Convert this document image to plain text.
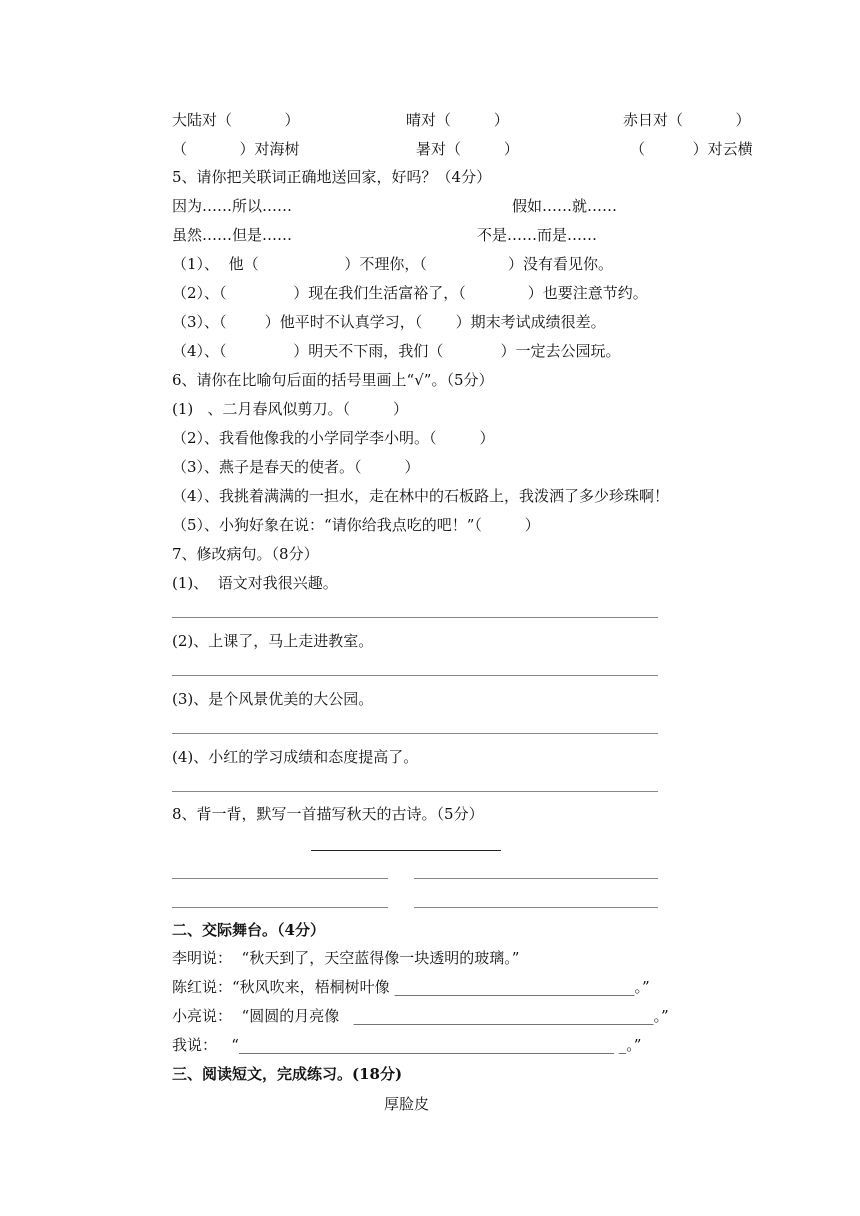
大陆对（           ）	晴对（         ）	赤日对（           ）
（           ）对海树	暑对（         ）	（          ）对云横
5、请你把关联词正确地送回家，好吗？（4分）
因为……所以……	假如……就……
虽然……但是……	不是……而是……
（1）、  他（                  ）不理你，（                 ）没有看见你。
（2）、（              ）现在我们生活富裕了，（             ）也要注意节约。
（3）、（        ）他平时不认真学习，（       ）期末考试成绩很差。
（4）、（              ）明天不下雨，我们（            ）一定去公园玩。
6、请你在比喻句后面的括号里画上“√”。（5分）
(1)   、二月春风似剪刀。（         ）
（2）、我看他像我的小学同学李小明。（         ）
（3）、燕子是春天的使者。（         ）
（4）、我挑着满满的一担水，走在林中的石板路上，我泼洒了多少珍珠啊！
（5）、小狗好象在说：“请你给我点吃的吧！”（         ）
7、修改病句。（8分）
(1)、  语文对我很兴趣。
(2)、上课了，马上走进教室。
(3)、是个风景优美的大公园。
(4)、小红的学习成绩和态度提高了。
8、背一背，默写一首描写秋天的古诗。（5分）
二、交际舞台。（4分）
李明说：  “秋天到了，天空蓝得像一块透明的玻璃。”
陈红说：“秋风吹来，梧桐树叶像 ________________________________。”
小亮说：  “圆圆的月亮像   ________________________________________。”
我说：   “__________________________________________________ _。”
三、阅读短文，完成练习。(18分)
厚脸皮
